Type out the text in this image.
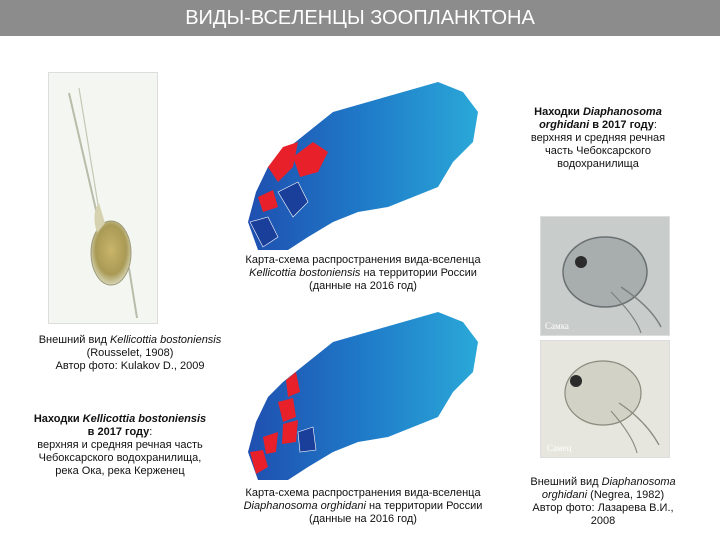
ВИДЫ-ВСЕЛЕНЦЫ ЗООПЛАНКТОНА
Внешний вид Kellicottia bostoniensis
(Rousselet, 1908)
Автор фото: Kulakov D., 2009
Находки Kellicottia bostoniensis в 2017 году:
верхняя и средняя речная часть Чебоксарского водохранилища, река Ока, река Керженец
Находки Diaphanosoma orghidani в 2017 году:
верхняя и средняя речная часть Чебоксарского водохранилища
Карта-схема распространения вида-вселенца
Kellicottia bostoniensis на территории России
(данные на 2016 год)
Карта-схема распространения вида-вселенца
Diaphanosoma orghidani на территории России
(данные на 2016 год)
Самка
Самец
Внешний вид Diaphanosoma
orghidani (Negrea, 1982)
Автор фото: Лазарева В.И.,
2008
